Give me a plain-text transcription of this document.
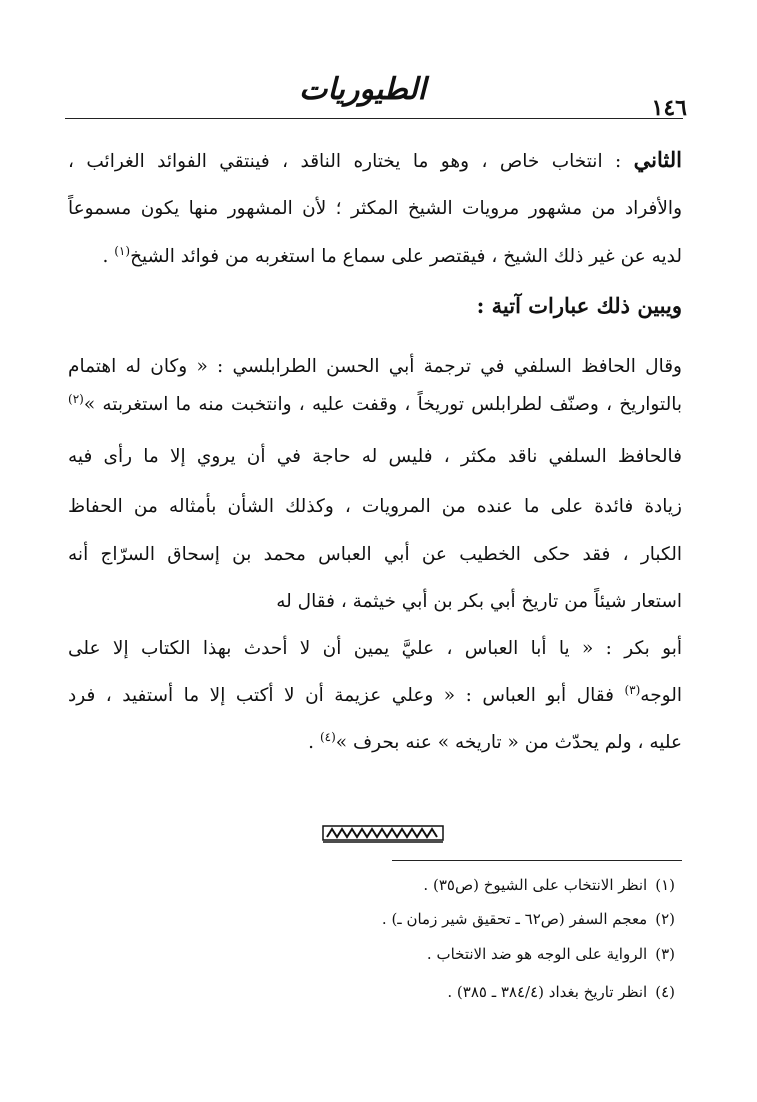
الطيوريات
١٤٦
الثاني : انتخاب خاص ، وهو ما يختاره الناقد ، فينتقي الفوائد الغرائب ،
والأفراد من مشهور مرويات الشيخ المكثر ؛ لأن المشهور منها يكون مسموعاً
لديه عن غير ذلك الشيخ ، فيقتصر على سماع ما استغربه من فوائد الشيخ$^{(١)}$ .
ويبين ذلك عبارات آتية :
وقال الحافظ السلفي في ترجمة أبي الحسن الطرابلسي : « وكان له اهتمام
بالتواريخ ، وصنّف لطرابلس توريخاً ، وقفت عليه ، وانتخبت منه ما استغربته »$^{(٢)}$
فالحافظ السلفي ناقد مكثر ، فليس له حاجة في أن يروي إلا ما رأى فيه
زيادة فائدة على ما عنده من المرويات ، وكذلك الشأن بأمثاله من الحفاظ
الكبار ، فقد حكى الخطيب عن أبي العباس محمد بن إسحاق السرّاج أنه
استعار شيئاً من تاريخ أبي بكر بن أبي خيثمة ، فقال له
أبو بكر : « يا أبا العباس ، عليَّ يمين أن لا أحدث بهذا الكتاب إلا على
الوجه$^{(٣)}$ فقال أبو العباس : « وعلي عزيمة أن لا أكتب إلا ما أستفيد ، فرد
عليه ، ولم يحدّث من « تاريخه » عنه بحرف »$^{(٤)}$ .
(١)انظر الانتخاب على الشيوخ (ص٣٥) .
(٢)معجم السفر (ص٦٢ ـ تحقيق شير زمان ـ) .
(٣)الرواية على الوجه هو ضد الانتخاب .
(٤)انظر تاريخ بغداد (٣٨٤/٤ ـ ٣٨٥) .
